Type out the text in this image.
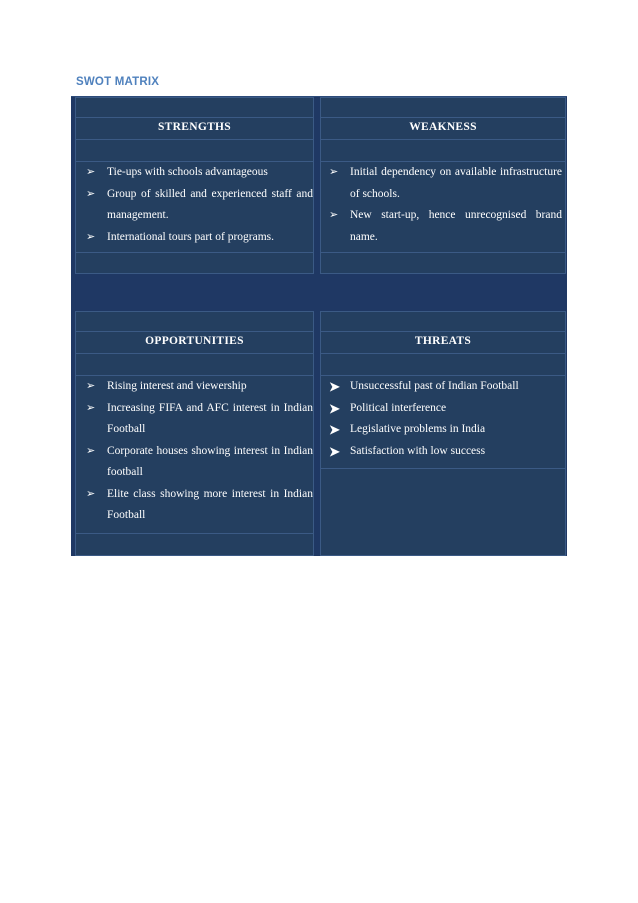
SWOT MATRIX
STRENGTHS
➢ Tie-ups with schools advantageous
➢ Group of skilled and experienced staff and management.
➢ International tours part of programs.
WEAKNESS
➢ Initial dependency on available infrastructure of schools.
➢ New start-up, hence unrecognised brand name.
OPPORTUNITIES
➢ Rising interest and viewership
➢ Increasing FIFA and AFC interest in Indian Football
➢ Corporate houses showing interest in Indian football
➢ Elite class showing more interest in Indian Football
THREATS
➤ Unsuccessful past of Indian Football
➤ Political interference
➤ Legislative problems in India
➤ Satisfaction with low success
